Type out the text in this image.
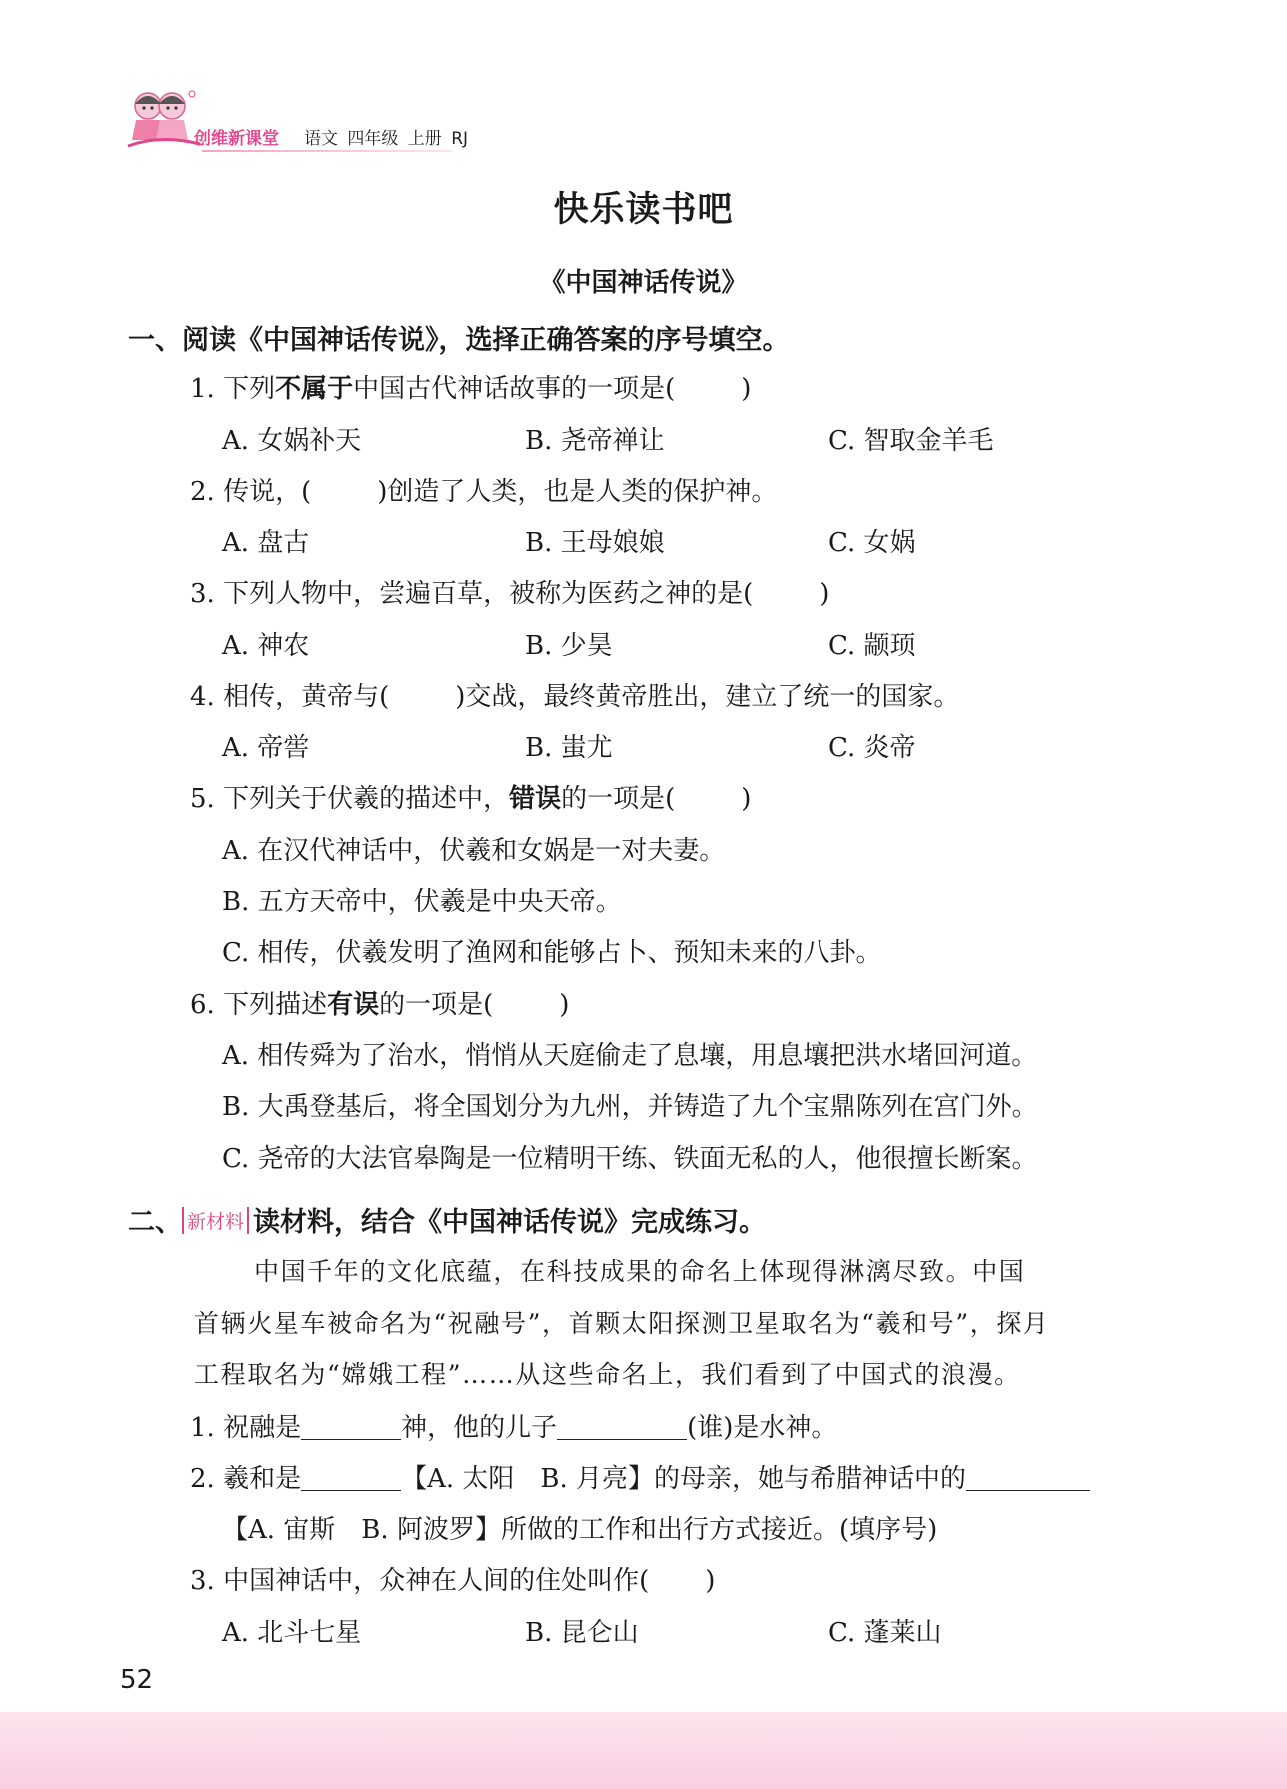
创维新课堂 语文 四年级 上册 RJ
快乐读书吧
《中国神话传说》
一、阅读《中国神话传说》，选择正确答案的序号填空。
1. 下列不属于中国古代神话故事的一项是(	)
A. 女娲补天	B. 尧帝禅让	C. 智取金羊毛
2. 传说，(	)创造了人类，也是人类的保护神。
A. 盘古	B. 王母娘娘	C. 女娲
3. 下列人物中，尝遍百草，被称为医药之神的是(	)
A. 神农	B. 少昊	C. 颛顼
4. 相传，黄帝与(	)交战，最终黄帝胜出，建立了统一的国家。
A. 帝喾	B. 蚩尤	C. 炎帝
5. 下列关于伏羲的描述中，错误的一项是(	)
A. 在汉代神话中，伏羲和女娲是一对夫妻。
B. 五方天帝中，伏羲是中央天帝。
C. 相传，伏羲发明了渔网和能够占卜、预知未来的八卦。
6. 下列描述有误的一项是(	)
A. 相传舜为了治水，悄悄从天庭偷走了息壤，用息壤把洪水堵回河道。
B. 大禹登基后，将全国划分为九州，并铸造了九个宝鼎陈列在宫门外。
C. 尧帝的大法官皋陶是一位精明干练、铁面无私的人，他很擅长断案。
二、 新材料 读材料，结合《中国神话传说》完成练习。
中国千年的文化底蕴，在科技成果的命名上体现得淋漓尽致。中国
首辆火星车被命名为“祝融号”，首颗太阳探测卫星取名为“羲和号”，探月
工程取名为“嫦娥工程”……从这些命名上，我们看到了中国式的浪漫。
1. 祝融是	神，他的儿子	(谁)是水神。
2. 羲和是	【A. 太阳　B. 月亮】的母亲，她与希腊神话中的
【A. 宙斯　B. 阿波罗】所做的工作和出行方式接近。(填序号)
3. 中国神话中，众神在人间的住处叫作( )
A. 北斗七星	B. 昆仑山	C. 蓬莱山
52
